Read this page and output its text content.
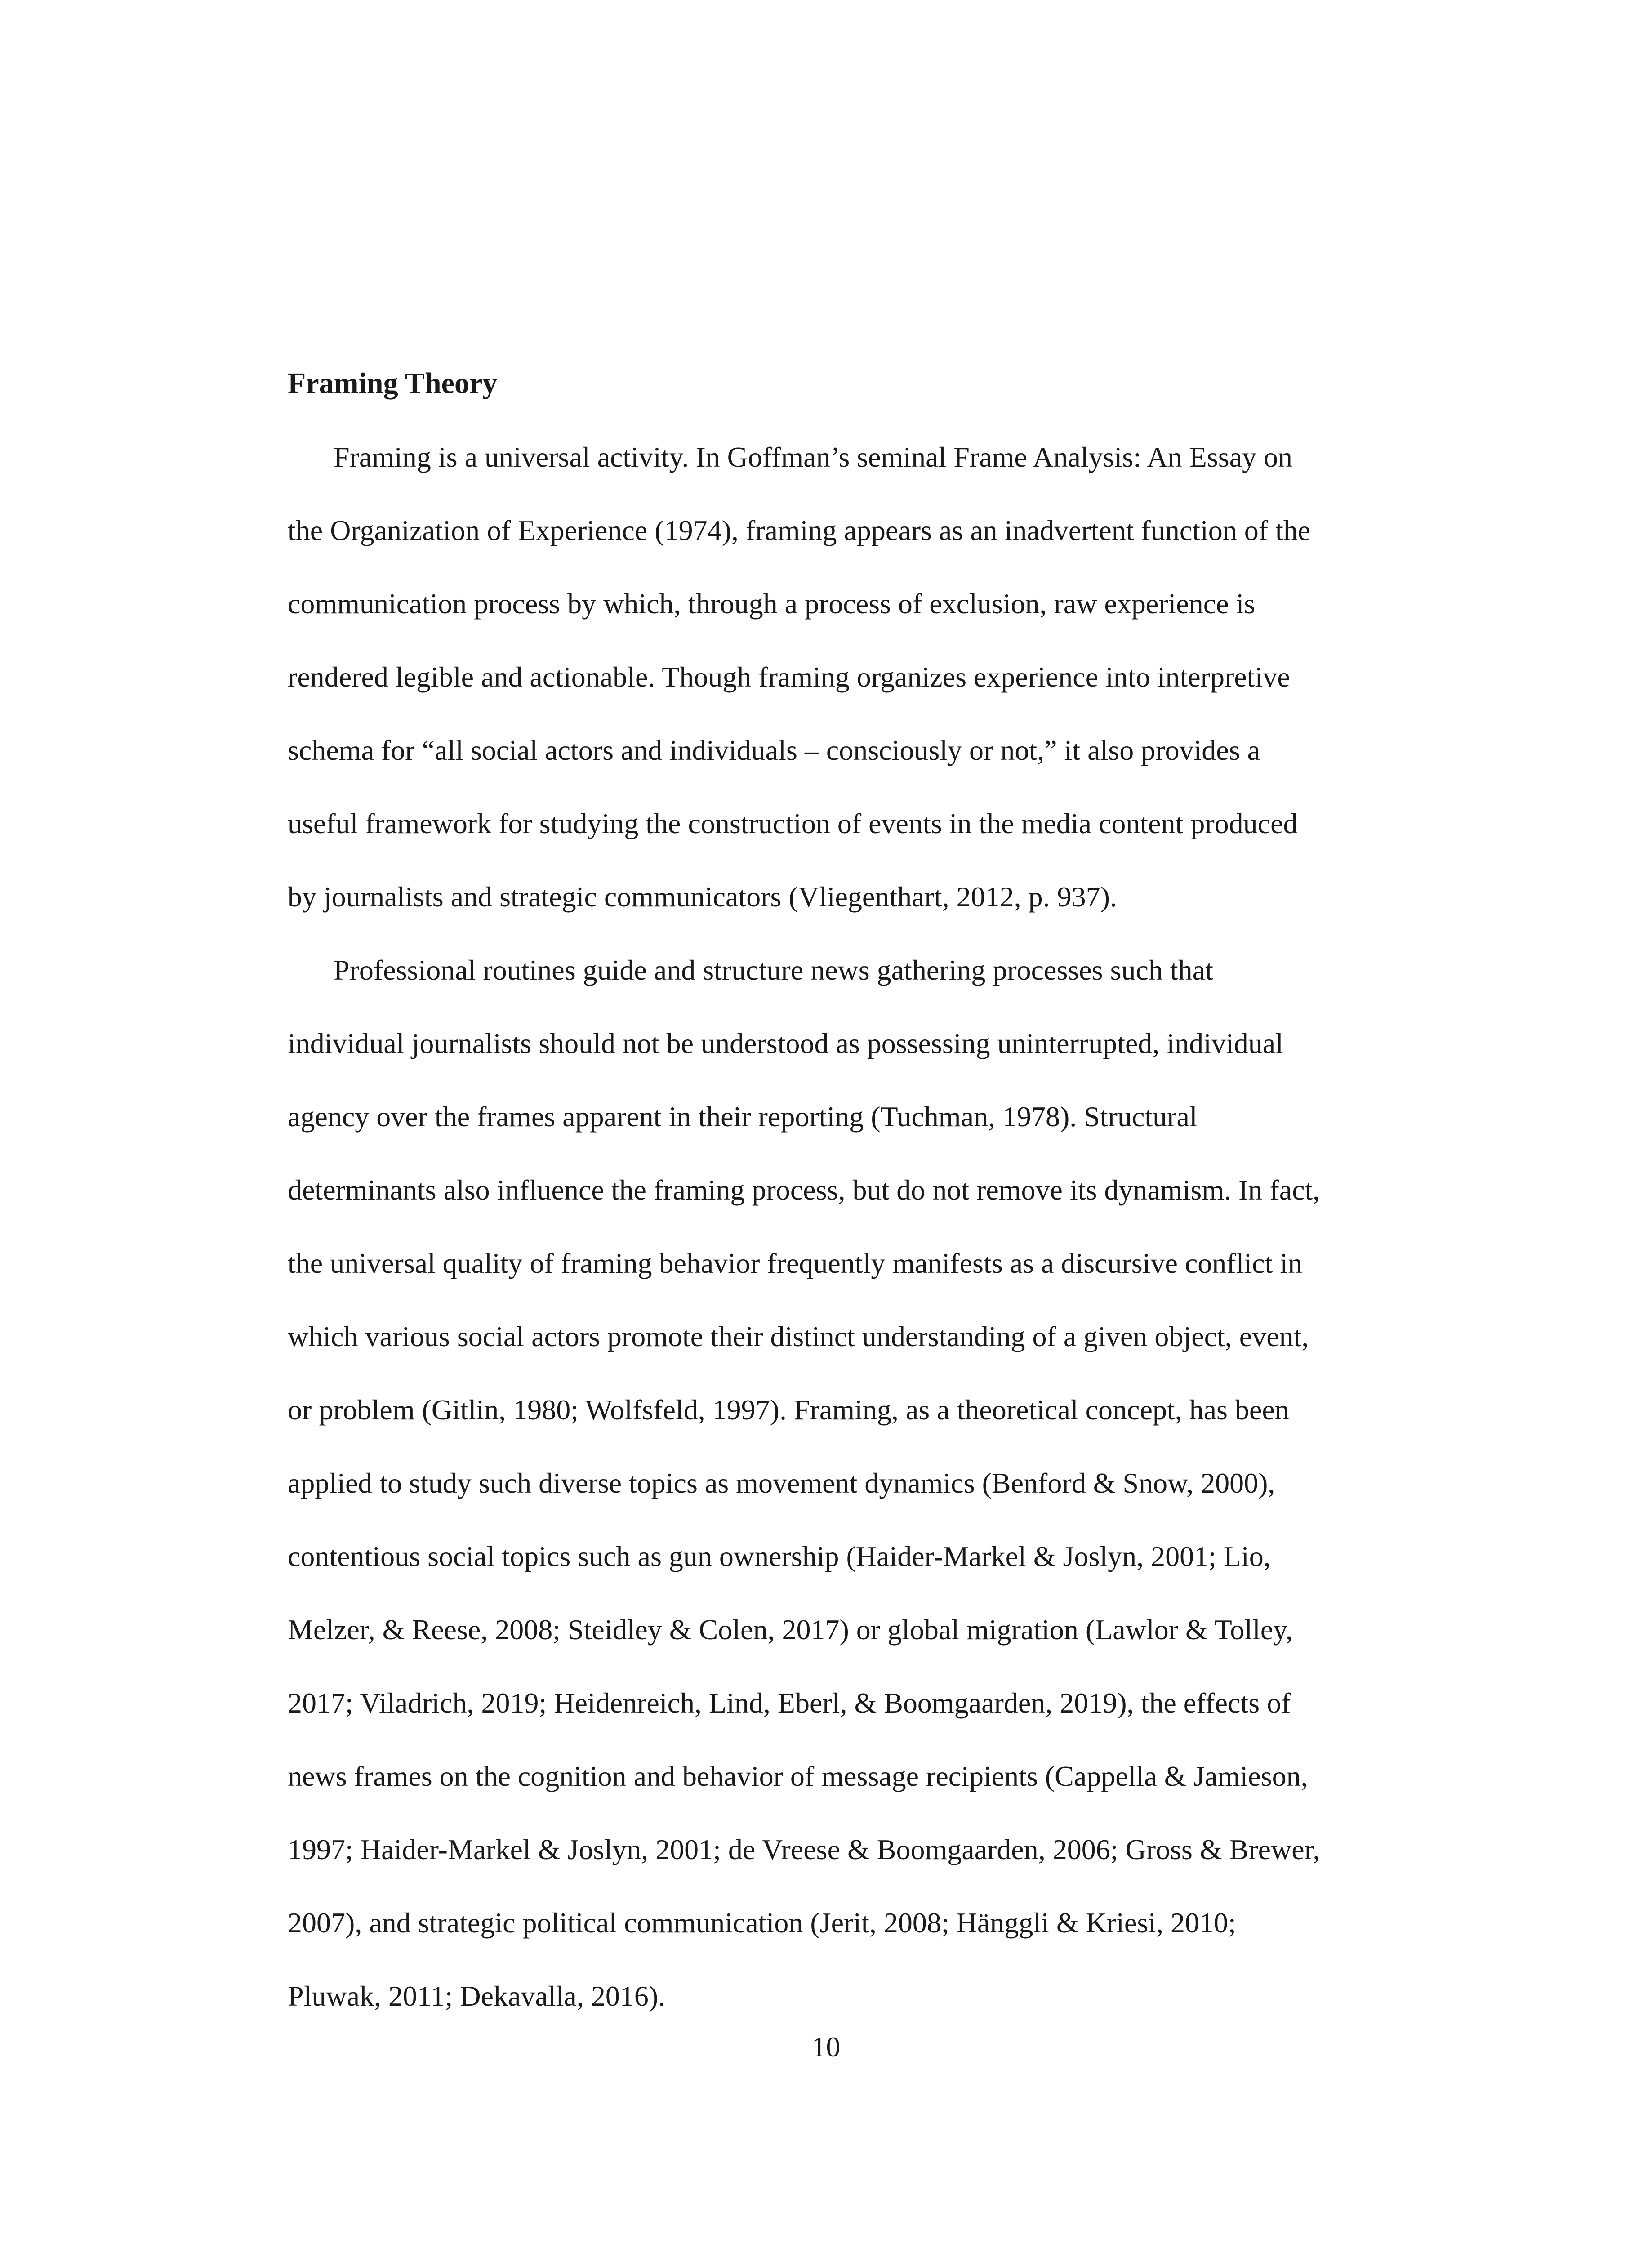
Framing Theory
Framing is a universal activity. In Goffman’s seminal Frame Analysis: An Essay on
the Organization of Experience (1974), framing appears as an inadvertent function of the
communication process by which, through a process of exclusion, raw experience is
rendered legible and actionable. Though framing organizes experience into interpretive
schema for “all social actors and individuals – consciously or not,” it also provides a
useful framework for studying the construction of events in the media content produced
by journalists and strategic communicators (Vliegenthart, 2012, p. 937).
Professional routines guide and structure news gathering processes such that
individual journalists should not be understood as possessing uninterrupted, individual
agency over the frames apparent in their reporting (Tuchman, 1978). Structural
determinants also influence the framing process, but do not remove its dynamism. In fact,
the universal quality of framing behavior frequently manifests as a discursive conflict in
which various social actors promote their distinct understanding of a given object, event,
or problem (Gitlin, 1980; Wolfsfeld, 1997). Framing, as a theoretical concept, has been
applied to study such diverse topics as movement dynamics (Benford & Snow, 2000),
contentious social topics such as gun ownership (Haider-Markel & Joslyn, 2001; Lio,
Melzer, & Reese, 2008; Steidley & Colen, 2017) or global migration (Lawlor & Tolley,
2017; Viladrich, 2019; Heidenreich, Lind, Eberl, & Boomgaarden, 2019), the effects of
news frames on the cognition and behavior of message recipients (Cappella & Jamieson,
1997; Haider-Markel & Joslyn, 2001; de Vreese & Boomgaarden, 2006; Gross & Brewer,
2007), and strategic political communication (Jerit, 2008; Hänggli & Kriesi, 2010;
Pluwak, 2011; Dekavalla, 2016).
10
